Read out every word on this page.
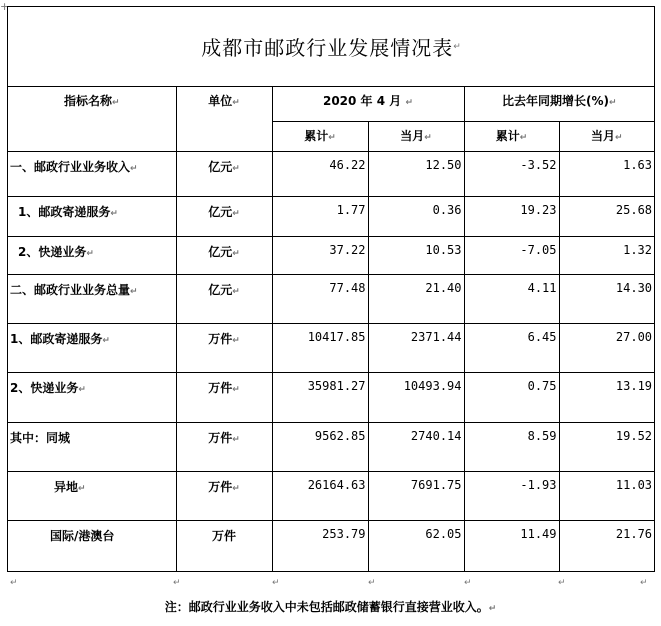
+
成都市邮政行业发展情况表 ↵
指标名称↵	单位↵	2020 年 4 月 ↵		比去年同期增长(%)↵	
		累计↵	当月↵	累计↵	当月↵
一、邮政行业业务收入↵	亿元↵	46.22	12.50	-3.52	1.63
1、邮政寄递服务↵	亿元↵	1.77	0.36	19.23	25.68
2、快递业务↵	亿元↵	37.22	10.53	-7.05	1.32
二、邮政行业业务总量↵	亿元↵	77.48	21.40	4.11	14.30
1、邮政寄递服务↵	万件↵	10417.85	2371.44	6.45	27.00
2、快递业务↵	万件↵	35981.27	10493.94	0.75	13.19
其中：同城	万件↵	9562.85	2740.14	8.59	19.52
异地↵	万件↵	26164.63	7691.75	-1.93	11.03
国际/港澳台	万件	253.79	62.05	11.49	21.76
↵	↵	↵	↵	↵	↵	↵
注：邮政行业业务收入中未包括邮政储蓄银行直接营业收入。↵
